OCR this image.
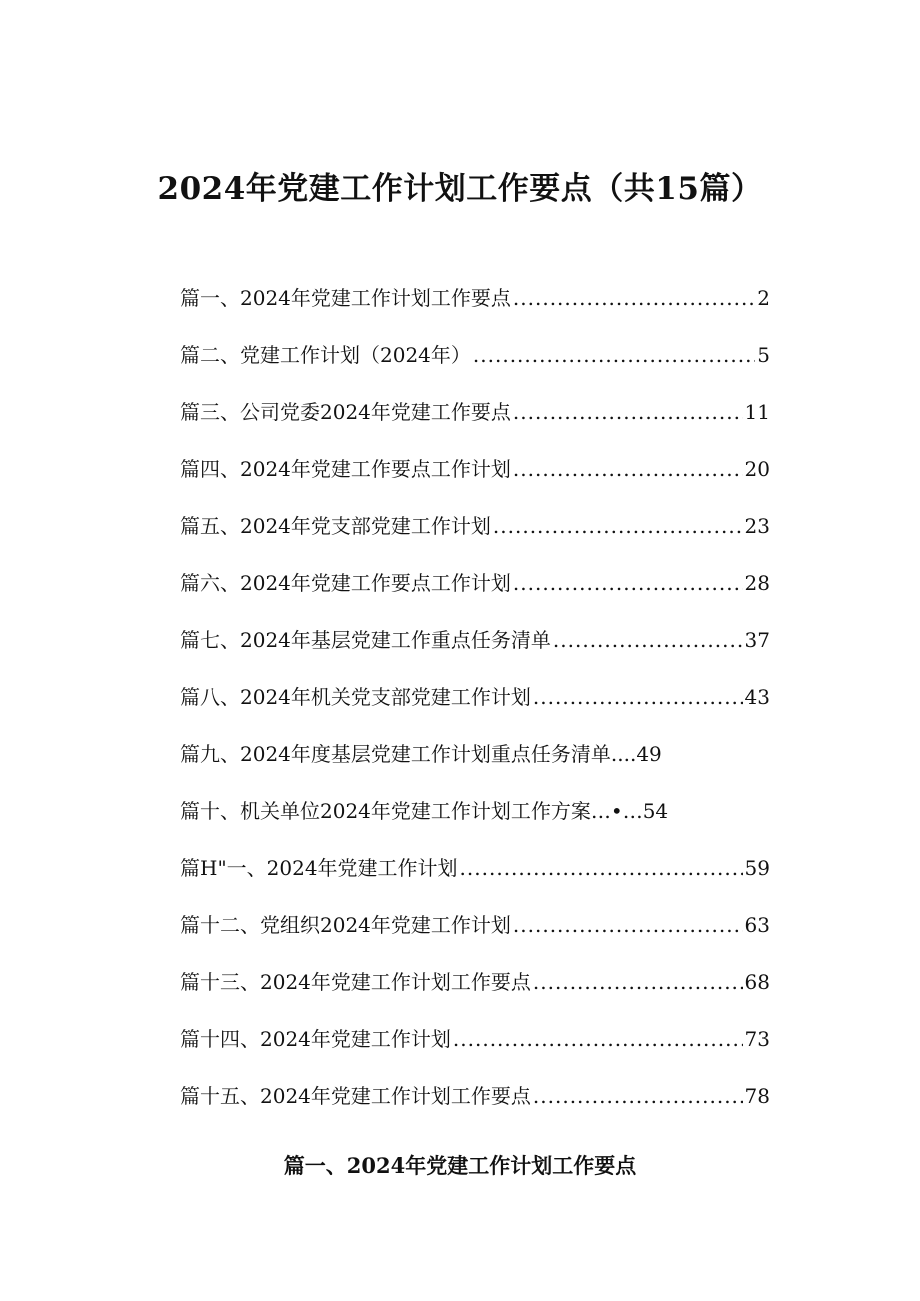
2024年党建工作计划工作要点（共15篇）
篇一、2024年党建工作计划工作要点 .....	2
篇二、党建工作计划（2024年） .....	5
篇三、公司党委2024年党建工作要点 .....	11
篇四、2024年党建工作要点工作计划 .....	20
篇五、2024年党支部党建工作计划 .....	23
篇六、2024年党建工作要点工作计划 .....	28
篇七、2024年基层党建工作重点任务清单 .....	37
篇八、2024年机关党支部党建工作计划 .....	43
篇九、2024年度基层党建工作计划重点任务清单....49
篇十、机关单位2024年党建工作计划工作方案…•…54
篇H"一、2024年党建工作计划 .....	59
篇十二、党组织2024年党建工作计划 .....	63
篇十三、2024年党建工作计划工作要点 .....	68
篇十四、2024年党建工作计划 .....	73
篇十五、2024年党建工作计划工作要点 .....	78
篇一、2024年党建工作计划工作要点
